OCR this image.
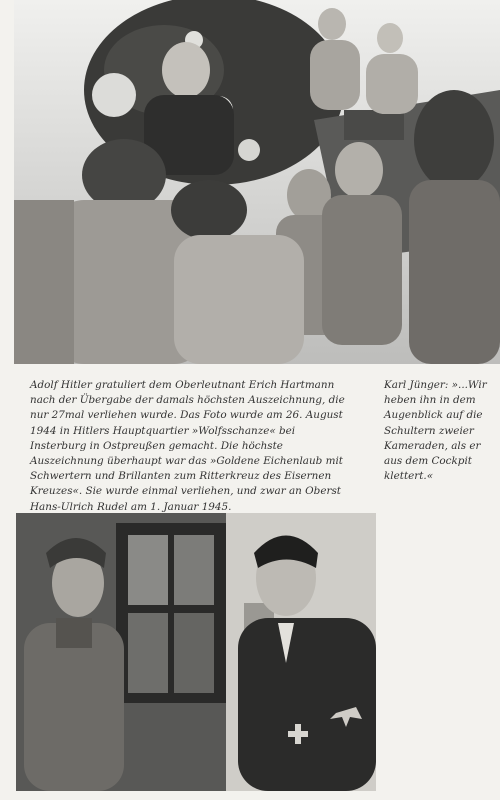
Adolf Hitler gratuliert dem Oberleutnant Erich Hartmann nach der Übergabe der damals höchsten Auszeichnung, die nur 27mal verliehen wurde. Das Foto wurde am 26. August 1944 in Hitlers Hauptquartier »Wolfsschanze« bei Insterburg in Ostpreußen gemacht. Die höchste Auszeichnung überhaupt war das »Goldene Eichenlaub mit Schwertern und Brillanten zum Ritterkreuz des Eisernen Kreuzes«. Sie wurde einmal verliehen, und zwar an Oberst Hans-Ulrich Rudel am 1. Januar 1945.

Karl Jünger: »...Wir heben ihn in dem Augenblick auf die Schultern zweier Kameraden, als er aus dem Cockpit klettert.«
